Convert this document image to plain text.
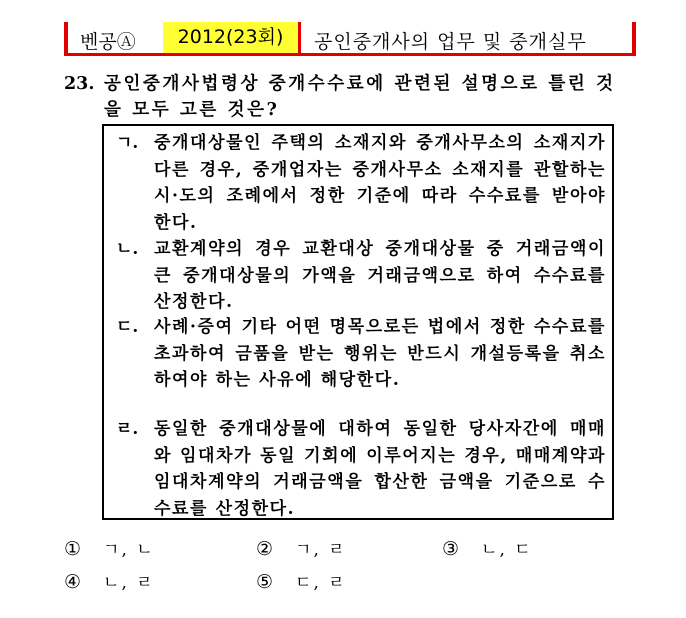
벤공Ⓐ	2012(23회)	공인중개사의 업무 및 중개실무
23. 공인중개사법령상 중개수수료에 관련된 설명으로 틀린 것을 모두 고른 것은?
ㄱ. 중개대상물인 주택의 소재지와 중개사무소의 소재지가 다른 경우, 중개업자는 중개사무소 소재지를 관할하는 시·도의 조례에서 정한 기준에 따라 수수료를 받아야 한다.
ㄴ. 교환계약의 경우 교환대상 중개대상물 중 거래금액이 큰 중개대상물의 가액을 거래금액으로 하여 수수료를 산정한다.
ㄷ. 사례·증여 기타 어떤 명목으로든 법에서 정한 수수료를 초과하여 금품을 받는 행위는 반드시 개설등록을 취소하여야 하는 사유에 해당한다.
ㄹ. 동일한 중개대상물에 대하여 동일한 당사자간에 매매와 임대차가 동일 기회에 이루어지는 경우, 매매계약과 임대차계약의 거래금액을 합산한 금액을 기준으로 수수료를 산정한다.
① ㄱ, ㄴ	② ㄱ, ㄹ	③ ㄴ, ㄷ
④ ㄴ, ㄹ	⑤ ㄷ, ㄹ
